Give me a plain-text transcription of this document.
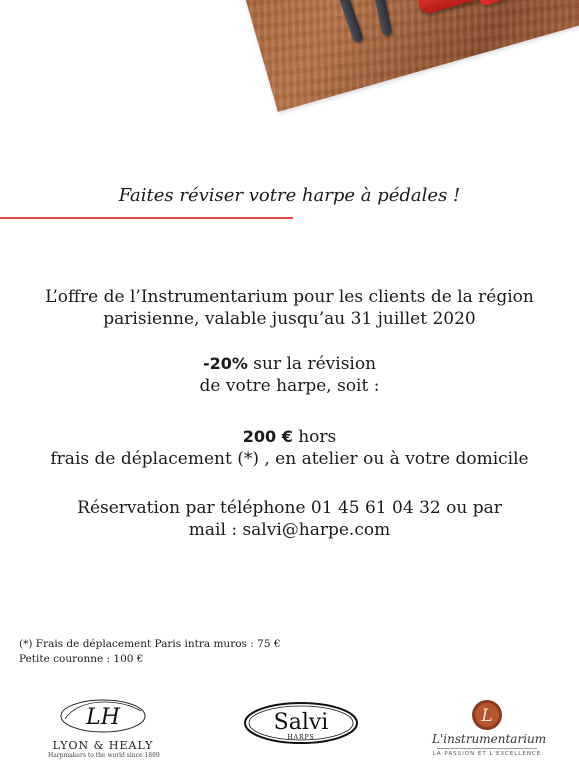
Faites réviser votre harpe à pédales !

L’offre de l’Instrumentarium pour les clients de la région
parisienne, valable jusqu’au 31 juillet 2020
-20% sur la révision
de votre harpe, soit :
200 € hors
frais de déplacement (*) , en atelier ou à votre domicile
Réservation par téléphone 01 45 61 04 32 ou par
mail : salvi@harpe.com
(*) Frais de déplacement Paris intra muros : 75 €
Petite couronne : 100 €
LH
LYON & HEALY
Harpmakers to the world since 1889
Salvi
HARPS
L
L'instrumentarium
LA PASSION ET L'EXCELLENCE
